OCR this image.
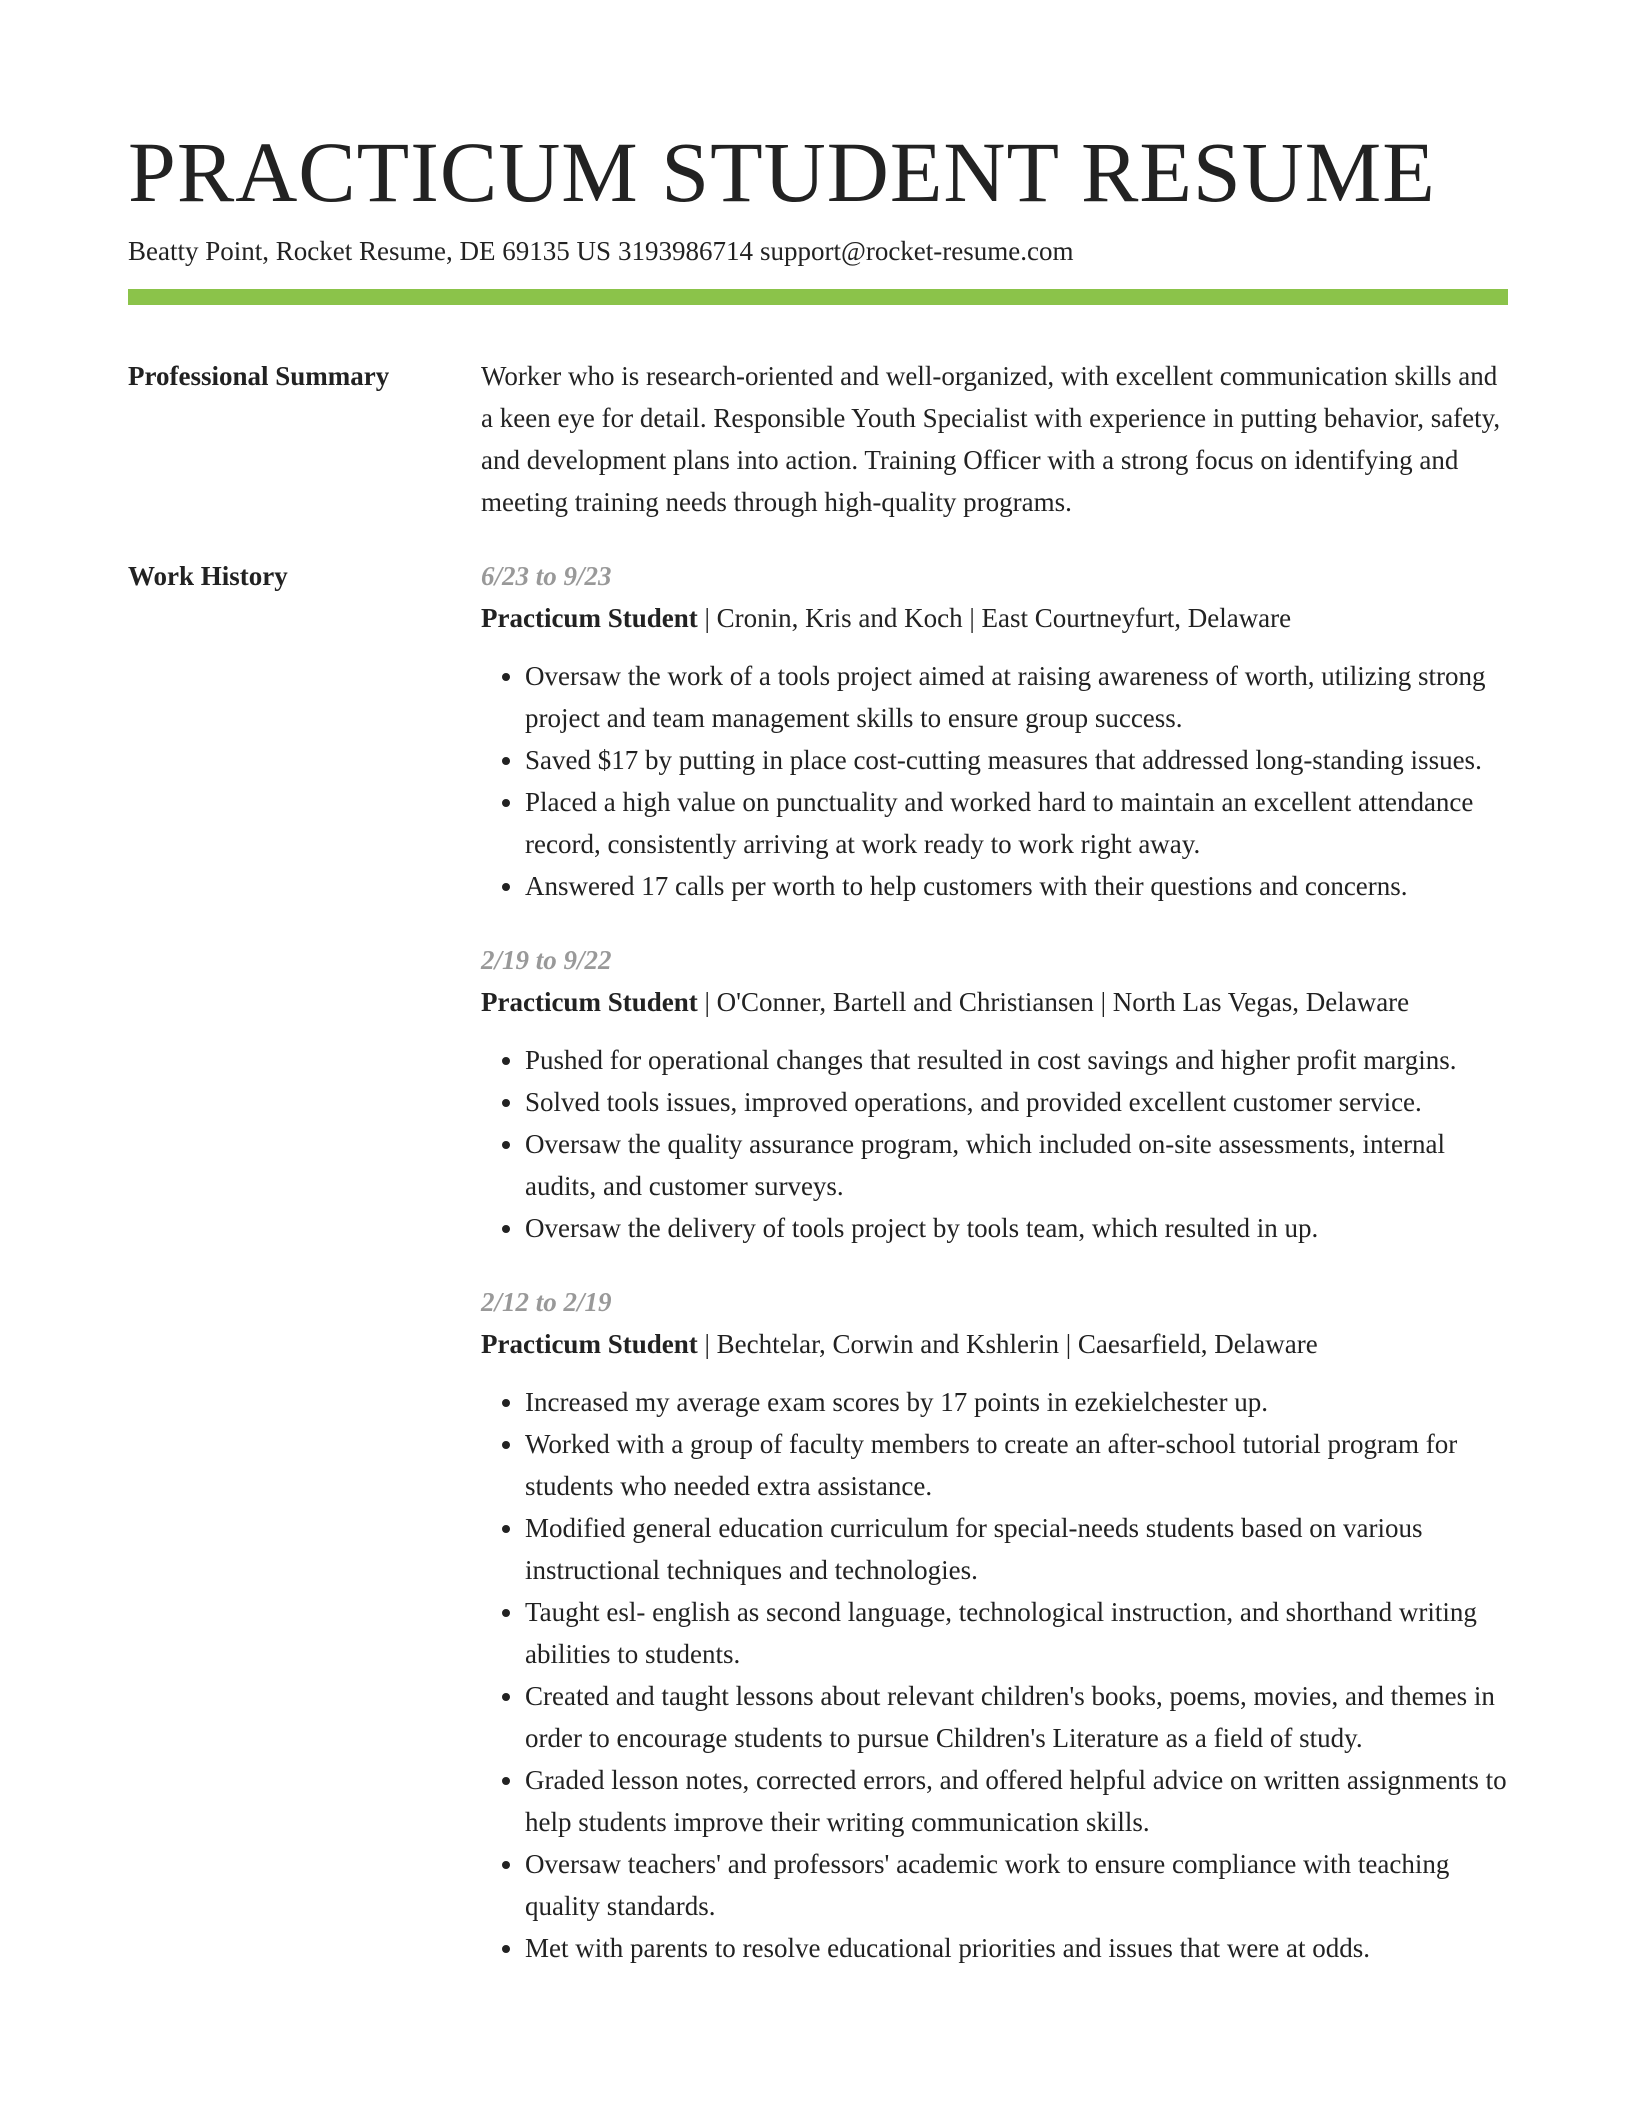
PRACTICUM STUDENT RESUME
Beatty Point, Rocket Resume, DE 69135 US 3193986714 support@rocket-resume.com
Professional Summary	Worker who is research-oriented and well-organized, with excellent communication skills and a keen eye for detail. Responsible Youth Specialist with experience in putting behavior, safety, and development plans into action. Training Officer with a strong focus on identifying and meeting training needs through high-quality programs.
Work History	6/23 to 9/23
Practicum Student | Cronin, Kris and Koch | East Courtneyfurt, Delaware
• Oversaw the work of a tools project aimed at raising awareness of worth, utilizing strong project and team management skills to ensure group success.
• Saved $17 by putting in place cost-cutting measures that addressed long-standing issues.
• Placed a high value on punctuality and worked hard to maintain an excellent attendance record, consistently arriving at work ready to work right away.
• Answered 17 calls per worth to help customers with their questions and concerns.
2/19 to 9/22
Practicum Student | O'Conner, Bartell and Christiansen | North Las Vegas, Delaware
• Pushed for operational changes that resulted in cost savings and higher profit margins.
• Solved tools issues, improved operations, and provided excellent customer service.
• Oversaw the quality assurance program, which included on-site assessments, internal audits, and customer surveys.
• Oversaw the delivery of tools project by tools team, which resulted in up.
2/12 to 2/19
Practicum Student | Bechtelar, Corwin and Kshlerin | Caesarfield, Delaware
• Increased my average exam scores by 17 points in ezekielchester up.
• Worked with a group of faculty members to create an after-school tutorial program for students who needed extra assistance.
• Modified general education curriculum for special-needs students based on various instructional techniques and technologies.
• Taught esl- english as second language, technological instruction, and shorthand writing abilities to students.
• Created and taught lessons about relevant children's books, poems, movies, and themes in order to encourage students to pursue Children's Literature as a field of study.
• Graded lesson notes, corrected errors, and offered helpful advice on written assignments to help students improve their writing communication skills.
• Oversaw teachers' and professors' academic work to ensure compliance with teaching quality standards.
• Met with parents to resolve educational priorities and issues that were at odds.
